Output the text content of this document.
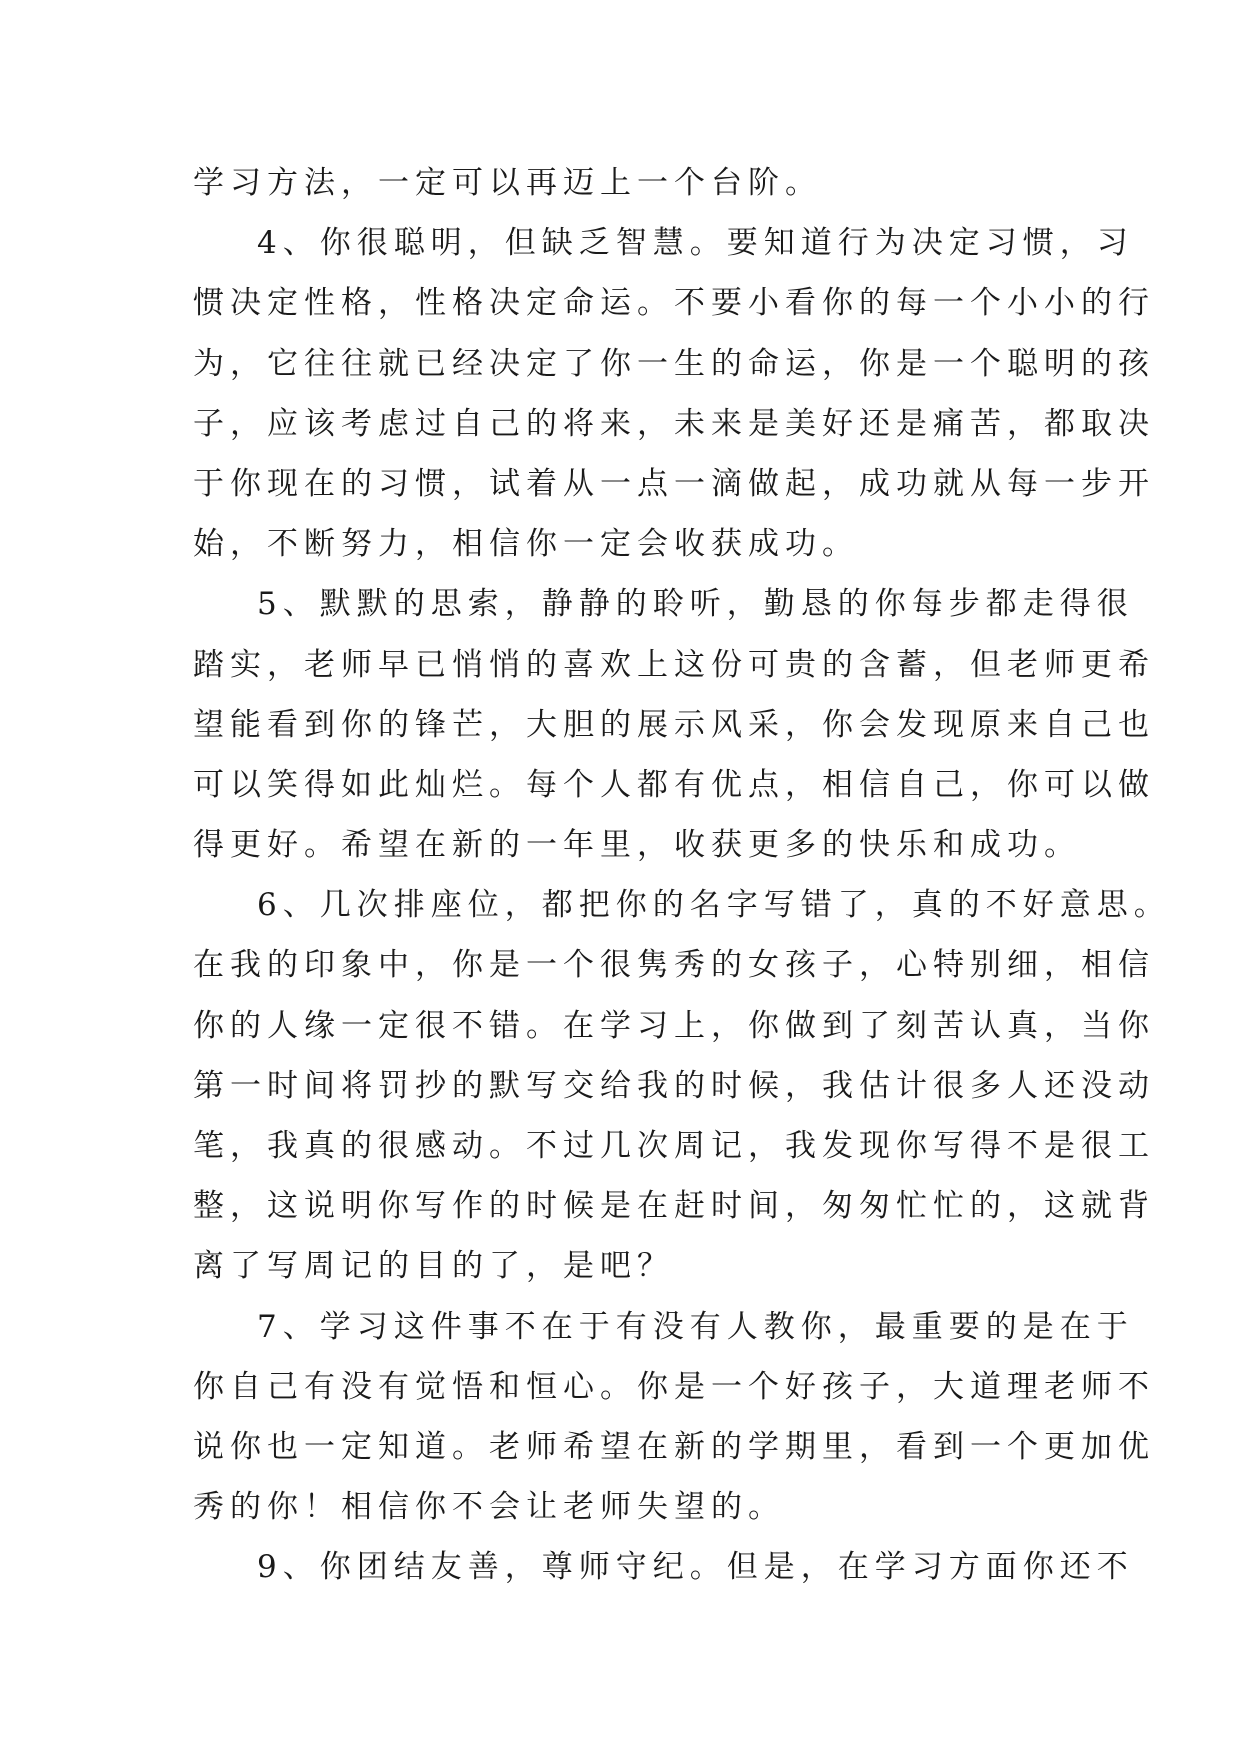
学习方法，一定可以再迈上一个台阶。
4、你很聪明，但缺乏智慧。要知道行为决定习惯，习
惯决定性格，性格决定命运。不要小看你的每一个小小的行
为，它往往就已经决定了你一生的命运，你是一个聪明的孩
子，应该考虑过自己的将来，未来是美好还是痛苦，都取决
于你现在的习惯，试着从一点一滴做起，成功就从每一步开
始，不断努力，相信你一定会收获成功。
5、默默的思索，静静的聆听，勤恳的你每步都走得很
踏实，老师早已悄悄的喜欢上这份可贵的含蓄，但老师更希
望能看到你的锋芒，大胆的展示风采，你会发现原来自己也
可以笑得如此灿烂。每个人都有优点，相信自己，你可以做
得更好。希望在新的一年里，收获更多的快乐和成功。
6、几次排座位，都把你的名字写错了，真的不好意思。
在我的印象中，你是一个很隽秀的女孩子，心特别细，相信
你的人缘一定很不错。在学习上，你做到了刻苦认真，当你
第一时间将罚抄的默写交给我的时候，我估计很多人还没动
笔，我真的很感动。不过几次周记，我发现你写得不是很工
整，这说明你写作的时候是在赶时间，匆匆忙忙的，这就背
离了写周记的目的了，是吧？
7、学习这件事不在于有没有人教你，最重要的是在于
你自己有没有觉悟和恒心。你是一个好孩子，大道理老师不
说你也一定知道。老师希望在新的学期里，看到一个更加优
秀的你！相信你不会让老师失望的。
9、你团结友善，尊师守纪。但是，在学习方面你还不
